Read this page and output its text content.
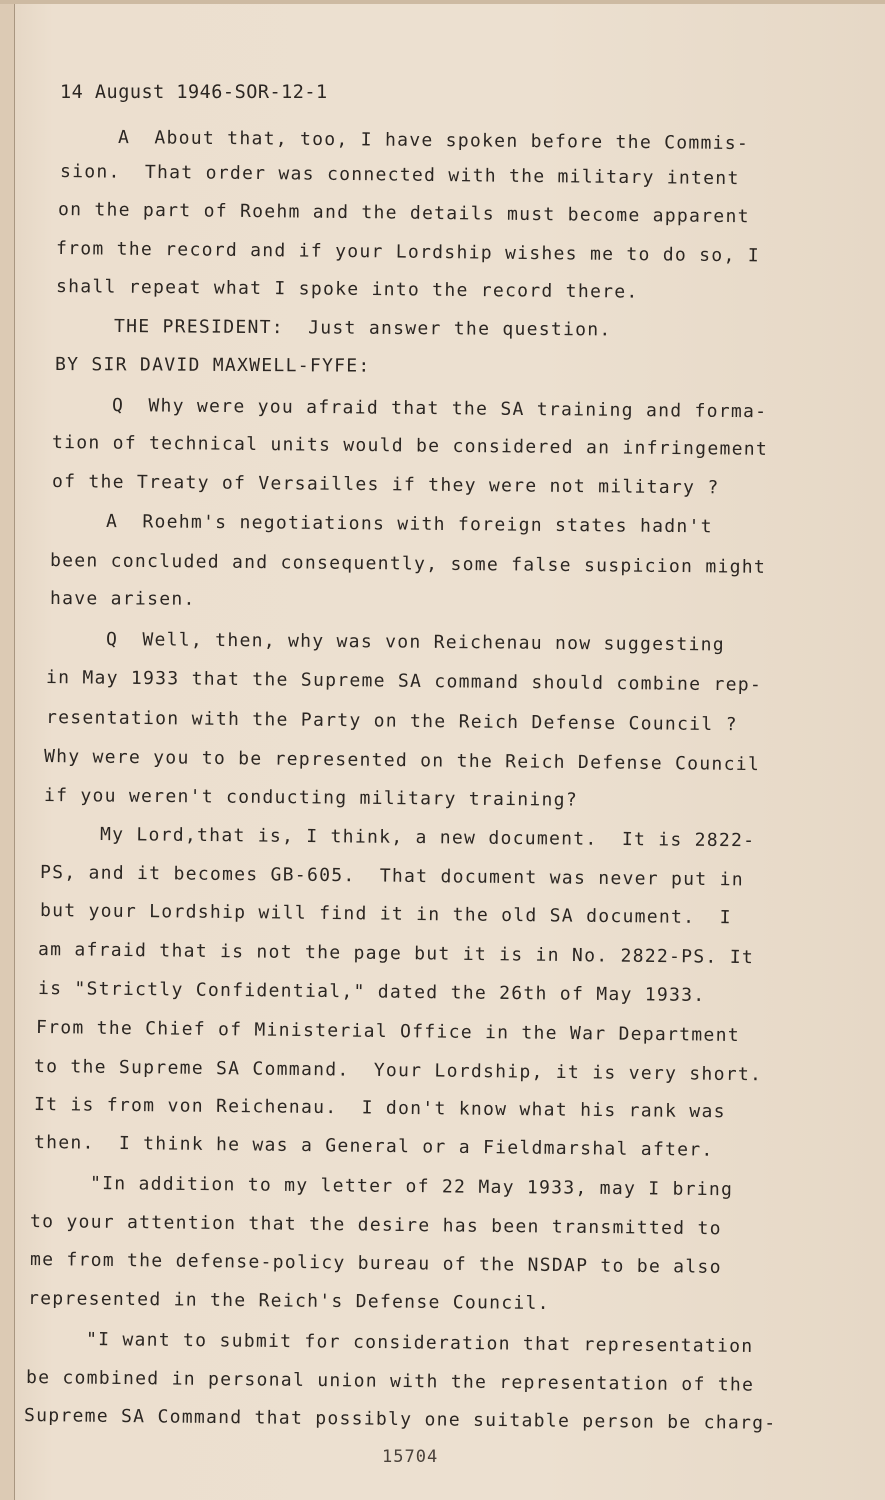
14 August 1946-SOR-12-1
A  About that, too, I have spoken before the Commis-
sion.  That order was connected with the military intent
on the part of Roehm and the details must become apparent
from the record and if your Lordship wishes me to do so, I
shall repeat what I spoke into the record there.
THE PRESIDENT:  Just answer the question.
BY SIR DAVID MAXWELL-FYFE:
Q  Why were you afraid that the SA training and forma-
tion of technical units would be considered an infringement
of the Treaty of Versailles if they were not military ?
A  Roehm's negotiations with foreign states hadn't
been concluded and consequently, some false suspicion might
have arisen.
Q  Well, then, why was von Reichenau now suggesting
in May 1933 that the Supreme SA command should combine rep-
resentation with the Party on the Reich Defense Council ?
Why were you to be represented on the Reich Defense Council
if you weren't conducting military training?
My Lord,that is, I think, a new document.  It is 2822-
PS, and it becomes GB-605.  That document was never put in
but your Lordship will find it in the old SA document.  I
am afraid that is not the page but it is in No. 2822-PS. It
is "Strictly Confidential," dated the 26th of May 1933.
From the Chief of Ministerial Office in the War Department
to the Supreme SA Command.  Your Lordship, it is very short.
It is from von Reichenau.  I don't know what his rank was
then.  I think he was a General or a Fieldmarshal after.
"In addition to my letter of 22 May 1933, may I bring
to your attention that the desire has been transmitted to
me from the defense-policy bureau of the NSDAP to be also
represented in the Reich's Defense Council.
"I want to submit for consideration that representation
be combined in personal union with the representation of the
Supreme SA Command that possibly one suitable person be charg-
15704
